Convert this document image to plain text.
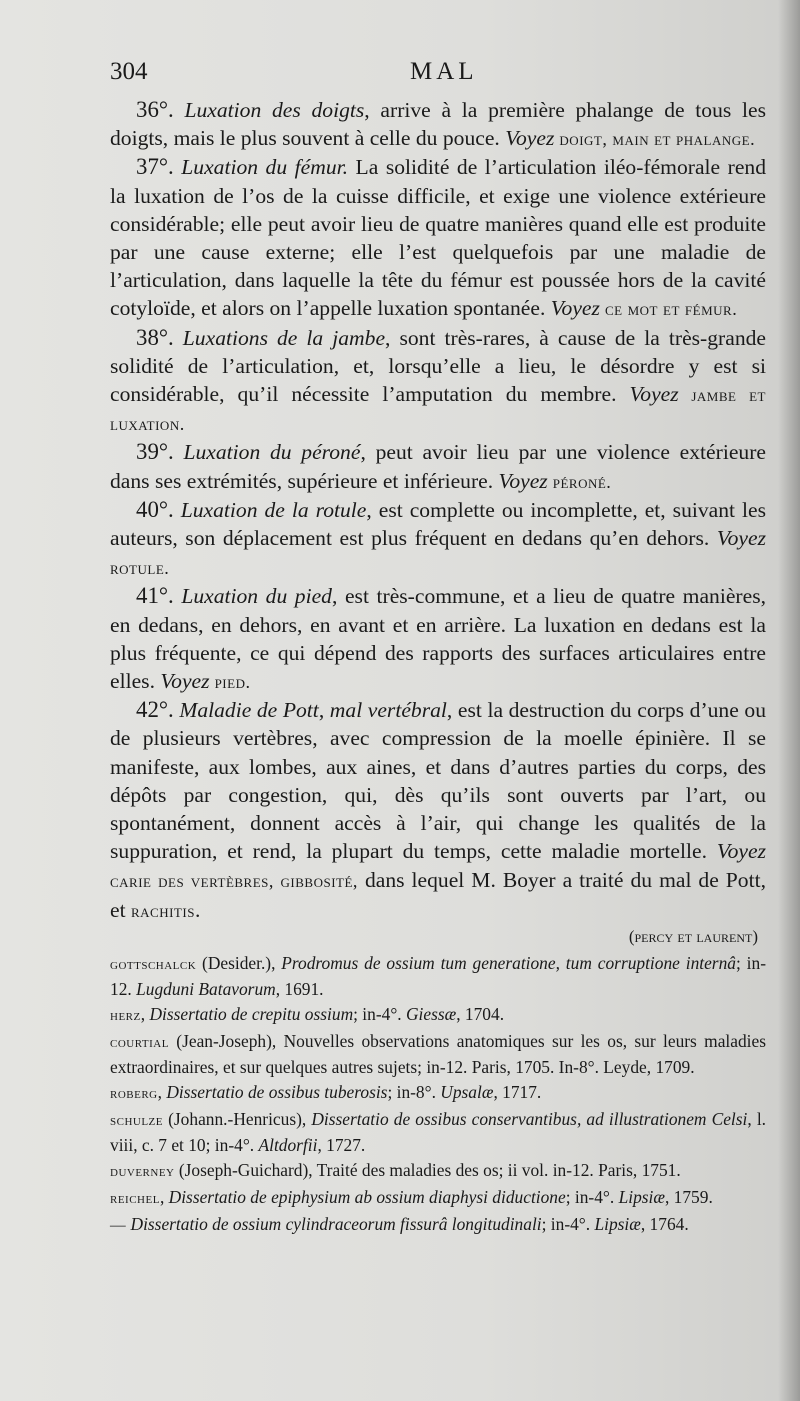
304	MAL

36°. Luxation des doigts, arrive à la première phalange de tous les doigts, mais le plus souvent à celle du pouce. Voyez doigt, main et phalange.

37°. Luxation du fémur. La solidité de l’articulation iléo-fémorale rend la luxation de l’os de la cuisse difficile, et exige une violence extérieure considérable; elle peut avoir lieu de quatre manières quand elle est produite par une cause externe; elle l’est quelquefois par une maladie de l’articulation, dans laquelle la tête du fémur est poussée hors de la cavité cotyloïde, et alors on l’appelle luxation spontanée. Voyez ce mot et fémur.

38°. Luxations de la jambe, sont très-rares, à cause de la très-grande solidité de l’articulation, et, lorsqu’elle a lieu, le désordre y est si considérable, qu’il nécessite l’amputation du membre. Voyez jambe et luxation.

39°. Luxation du péroné, peut avoir lieu par une violence extérieure dans ses extrémités, supérieure et inférieure. Voyez péroné.

40°. Luxation de la rotule, est complette ou incomplette, et, suivant les auteurs, son déplacement est plus fréquent en dedans qu’en dehors. Voyez rotule.

41°. Luxation du pied, est très-commune, et a lieu de quatre manières, en dedans, en dehors, en avant et en arrière. La luxation en dedans est la plus fréquente, ce qui dépend des rapports des surfaces articulaires entre elles. Voyez pied.

42°. Maladie de Pott, mal vertébral, est la destruction du corps d’une ou de plusieurs vertèbres, avec compression de la moelle épinière. Il se manifeste, aux lombes, aux aines, et dans d’autres parties du corps, des dépôts par congestion, qui, dès qu’ils sont ouverts par l’art, ou spontanément, donnent accès à l’air, qui change les qualités de la suppuration, et rend, la plupart du temps, cette maladie mortelle. Voyez carie des vertèbres, gibbosité, dans lequel M. Boyer a traité du mal de Pott, et rachitis.

(percy et laurent)

gottschalck (Desider.), Prodromus de ossium tum generatione, tum corruptione internâ; in-12. Lugduni Batavorum, 1691.

herz, Dissertatio de crepitu ossium; in-4°. Giessæ, 1704.

courtial (Jean-Joseph), Nouvelles observations anatomiques sur les os, sur leurs maladies extraordinaires, et sur quelques autres sujets; in-12. Paris, 1705. In-8°. Leyde, 1709.

roberg, Dissertatio de ossibus tuberosis; in-8°. Upsalæ, 1717.

schulze (Johann.-Henricus), Dissertatio de ossibus conservantibus, ad illustrationem Celsi, l. viii, c. 7 et 10; in-4°. Altdorfii, 1727.

duverney (Joseph-Guichard), Traité des maladies des os; ii vol. in-12. Paris, 1751.

reichel, Dissertatio de epiphysium ab ossium diaphysi diductione; in-4°. Lipsiæ, 1759.

— Dissertatio de ossium cylindraceorum fissurâ longitudinali; in-4°. Lipsiæ, 1764.
